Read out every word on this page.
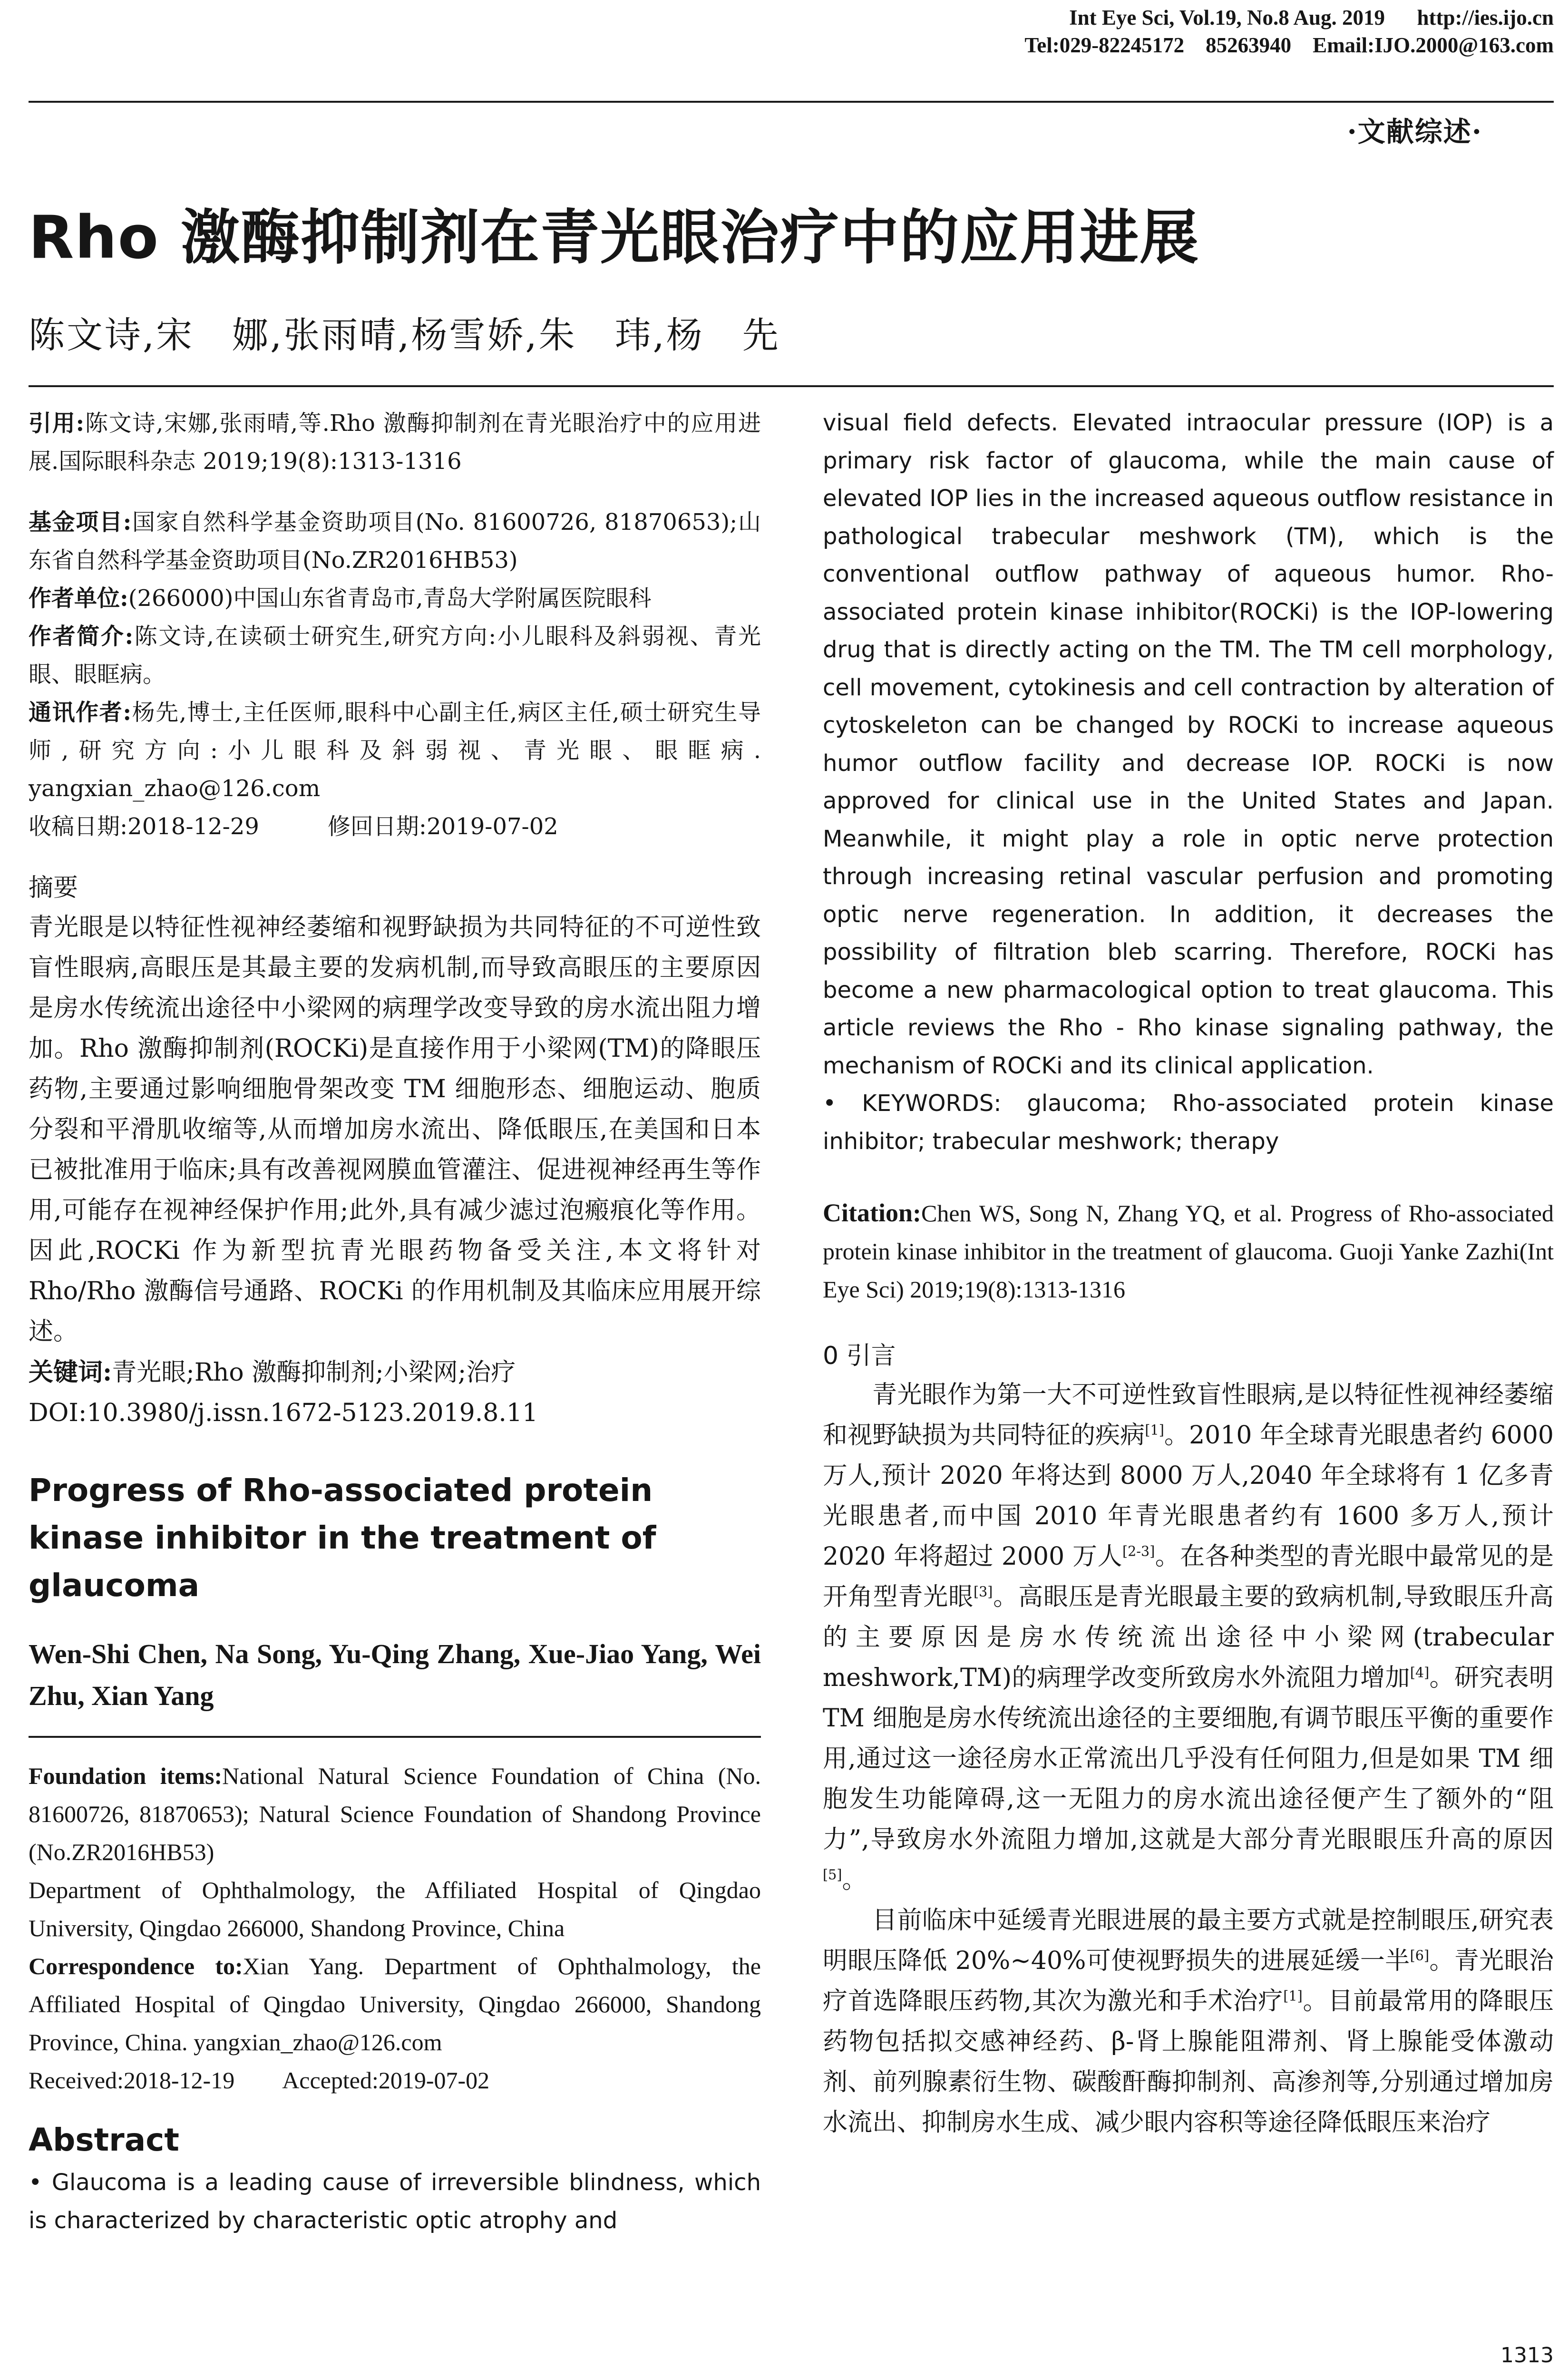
Int Eye Sci, Vol.19, No.8 Aug. 2019      http://ies.ijo.cn
Tel:029-82245172    85263940    Email:IJO.2000@163.com
·文献综述·
Rho 激酶抑制剂在青光眼治疗中的应用进展
陈文诗,宋　娜,张雨晴,杨雪娇,朱　玮,杨　先

引用:陈文诗,宋娜,张雨晴,等.Rho 激酶抑制剂在青光眼治疗中的应用进展.国际眼科杂志 2019;19(8):1313-1316

基金项目:国家自然科学基金资助项目(No. 81600726, 81870653);山东省自然科学基金资助项目(No.ZR2016HB53)

作者单位:(266000)中国山东省青岛市,青岛大学附属医院眼科

作者简介:陈文诗,在读硕士研究生,研究方向:小儿眼科及斜弱视、青光眼、眼眶病。

通讯作者:杨先,博士,主任医师,眼科中心副主任,病区主任,硕士研究生导师,研究方向:小儿眼科及斜弱视、青光眼、眼眶病. yangxian_zhao@126.com

收稿日期:2018-12-29　　　修回日期:2019-07-02

摘要

青光眼是以特征性视神经萎缩和视野缺损为共同特征的不可逆性致盲性眼病,高眼压是其最主要的发病机制,而导致高眼压的主要原因是房水传统流出途径中小梁网的病理学改变导致的房水流出阻力增加。Rho 激酶抑制剂(ROCKi)是直接作用于小梁网(TM)的降眼压药物,主要通过影响细胞骨架改变 TM 细胞形态、细胞运动、胞质分裂和平滑肌收缩等,从而增加房水流出、降低眼压,在美国和日本已被批准用于临床;具有改善视网膜血管灌注、促进视神经再生等作用,可能存在视神经保护作用;此外,具有减少滤过泡瘢痕化等作用。因此,ROCKi 作为新型抗青光眼药物备受关注,本文将针对 Rho/Rho 激酶信号通路、ROCKi 的作用机制及其临床应用展开综述。

关键词:青光眼;Rho 激酶抑制剂;小梁网;治疗

DOI:10.3980/j.issn.1672-5123.2019.8.11

Progress of Rho-associated protein kinase inhibitor in the treatment of glaucoma

Wen-Shi Chen, Na Song, Yu-Qing Zhang, Xue-Jiao Yang, Wei Zhu, Xian Yang

Foundation items:National Natural Science Foundation of China (No. 81600726, 81870653); Natural Science Foundation of Shandong Province (No.ZR2016HB53)

Department of Ophthalmology, the Affiliated Hospital of Qingdao University, Qingdao 266000, Shandong Province, China

Correspondence to:Xian Yang. Department of Ophthalmology, the Affiliated Hospital of Qingdao University, Qingdao 266000, Shandong Province, China. yangxian_zhao@126.com

Received:2018-12-19　　Accepted:2019-07-02

Abstract

• Glaucoma is a leading cause of irreversible blindness, which is characterized by characteristic optic atrophy and

visual field defects. Elevated intraocular pressure (IOP) is a primary risk factor of glaucoma, while the main cause of elevated IOP lies in the increased aqueous outflow resistance in pathological trabecular meshwork (TM), which is the conventional outflow pathway of aqueous humor. Rho-associated protein kinase inhibitor(ROCKi) is the IOP-lowering drug that is directly acting on the TM. The TM cell morphology, cell movement, cytokinesis and cell contraction by alteration of cytoskeleton can be changed by ROCKi to increase aqueous humor outflow facility and decrease IOP. ROCKi is now approved for clinical use in the United States and Japan. Meanwhile, it might play a role in optic nerve protection through increasing retinal vascular perfusion and promoting optic nerve regeneration. In addition, it decreases the possibility of filtration bleb scarring. Therefore, ROCKi has become a new pharmacological option to treat glaucoma. This article reviews the Rho - Rho kinase signaling pathway, the mechanism of ROCKi and its clinical application.

• KEYWORDS: glaucoma; Rho-associated protein kinase inhibitor; trabecular meshwork; therapy

Citation:Chen WS, Song N, Zhang YQ, et al. Progress of Rho-associated protein kinase inhibitor in the treatment of glaucoma. Guoji Yanke Zazhi(Int Eye Sci) 2019;19(8):1313-1316

0 引言

青光眼作为第一大不可逆性致盲性眼病,是以特征性视神经萎缩和视野缺损为共同特征的疾病[1]。2010 年全球青光眼患者约 6000 万人,预计 2020 年将达到 8000 万人,2040 年全球将有 1 亿多青光眼患者,而中国 2010 年青光眼患者约有 1600 多万人,预计 2020 年将超过 2000 万人[2-3]。在各种类型的青光眼中最常见的是开角型青光眼[3]。高眼压是青光眼最主要的致病机制,导致眼压升高的主要原因是房水传统流出途径中小梁网(trabecular meshwork,TM)的病理学改变所致房水外流阻力增加[4]。研究表明 TM 细胞是房水传统流出途径的主要细胞,有调节眼压平衡的重要作用,通过这一途径房水正常流出几乎没有任何阻力,但是如果 TM 细胞发生功能障碍,这一无阻力的房水流出途径便产生了额外的“阻力”,导致房水外流阻力增加,这就是大部分青光眼眼压升高的原因[5]。

目前临床中延缓青光眼进展的最主要方式就是控制眼压,研究表明眼压降低 20%~40%可使视野损失的进展延缓一半[6]。青光眼治疗首选降眼压药物,其次为激光和手术治疗[1]。目前最常用的降眼压药物包括拟交感神经药、β-肾上腺能阻滞剂、肾上腺能受体激动剂、前列腺素衍生物、碳酸酐酶抑制剂、高渗剂等,分别通过增加房水流出、抑制房水生成、减少眼内容积等途径降低眼压来治疗

1313
